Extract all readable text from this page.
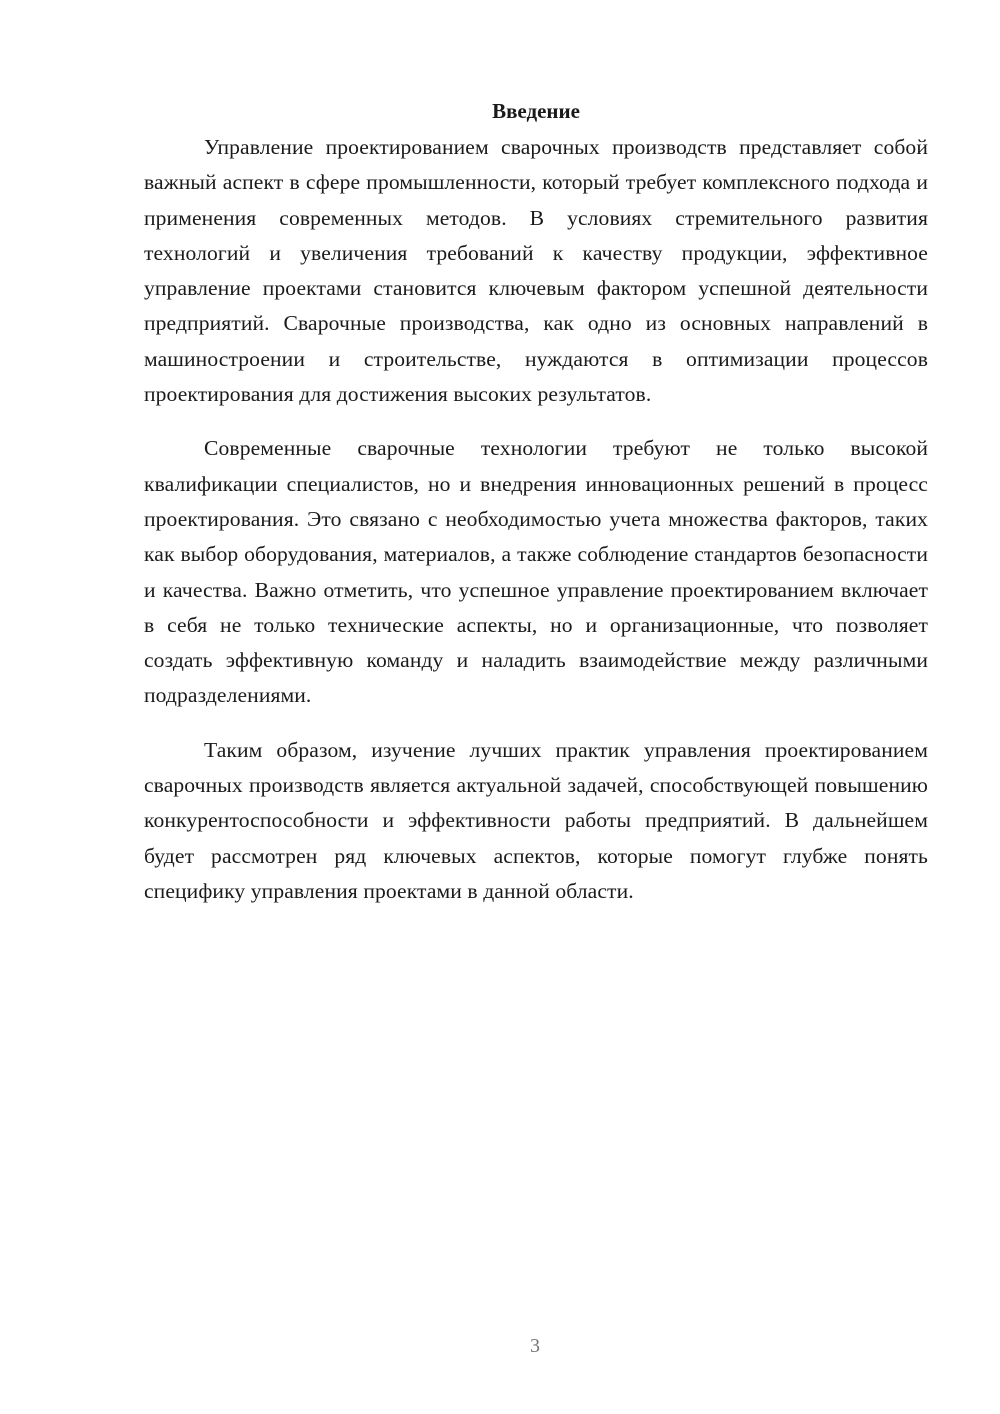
Введение

Управление проектированием сварочных производств представляет собой важный аспект в сфере промышленности, который требует комплексного подхода и применения современных методов. В условиях стремительного развития технологий и увеличения требований к качеству продукции, эффективное управление проектами становится ключевым фактором успешной деятельности предприятий. Сварочные производства, как одно из основных направлений в машиностроении и строительстве, нуждаются в оптимизации процессов проектирования для достижения высоких результатов.

Современные сварочные технологии требуют не только высокой квалификации специалистов, но и внедрения инновационных решений в процесс проектирования. Это связано с необходимостью учета множества факторов, таких как выбор оборудования, материалов, а также соблюдение стандартов безопасности и качества. Важно отметить, что успешное управление проектированием включает в себя не только технические аспекты, но и организационные, что позволяет создать эффективную команду и наладить взаимодействие между различными подразделениями.

Таким образом, изучение лучших практик управления проектированием сварочных производств является актуальной задачей, способствующей повышению конкурентоспособности и эффективности работы предприятий. В дальнейшем будет рассмотрен ряд ключевых аспектов, которые помогут глубже понять специфику управления проектами в данной области.

3
